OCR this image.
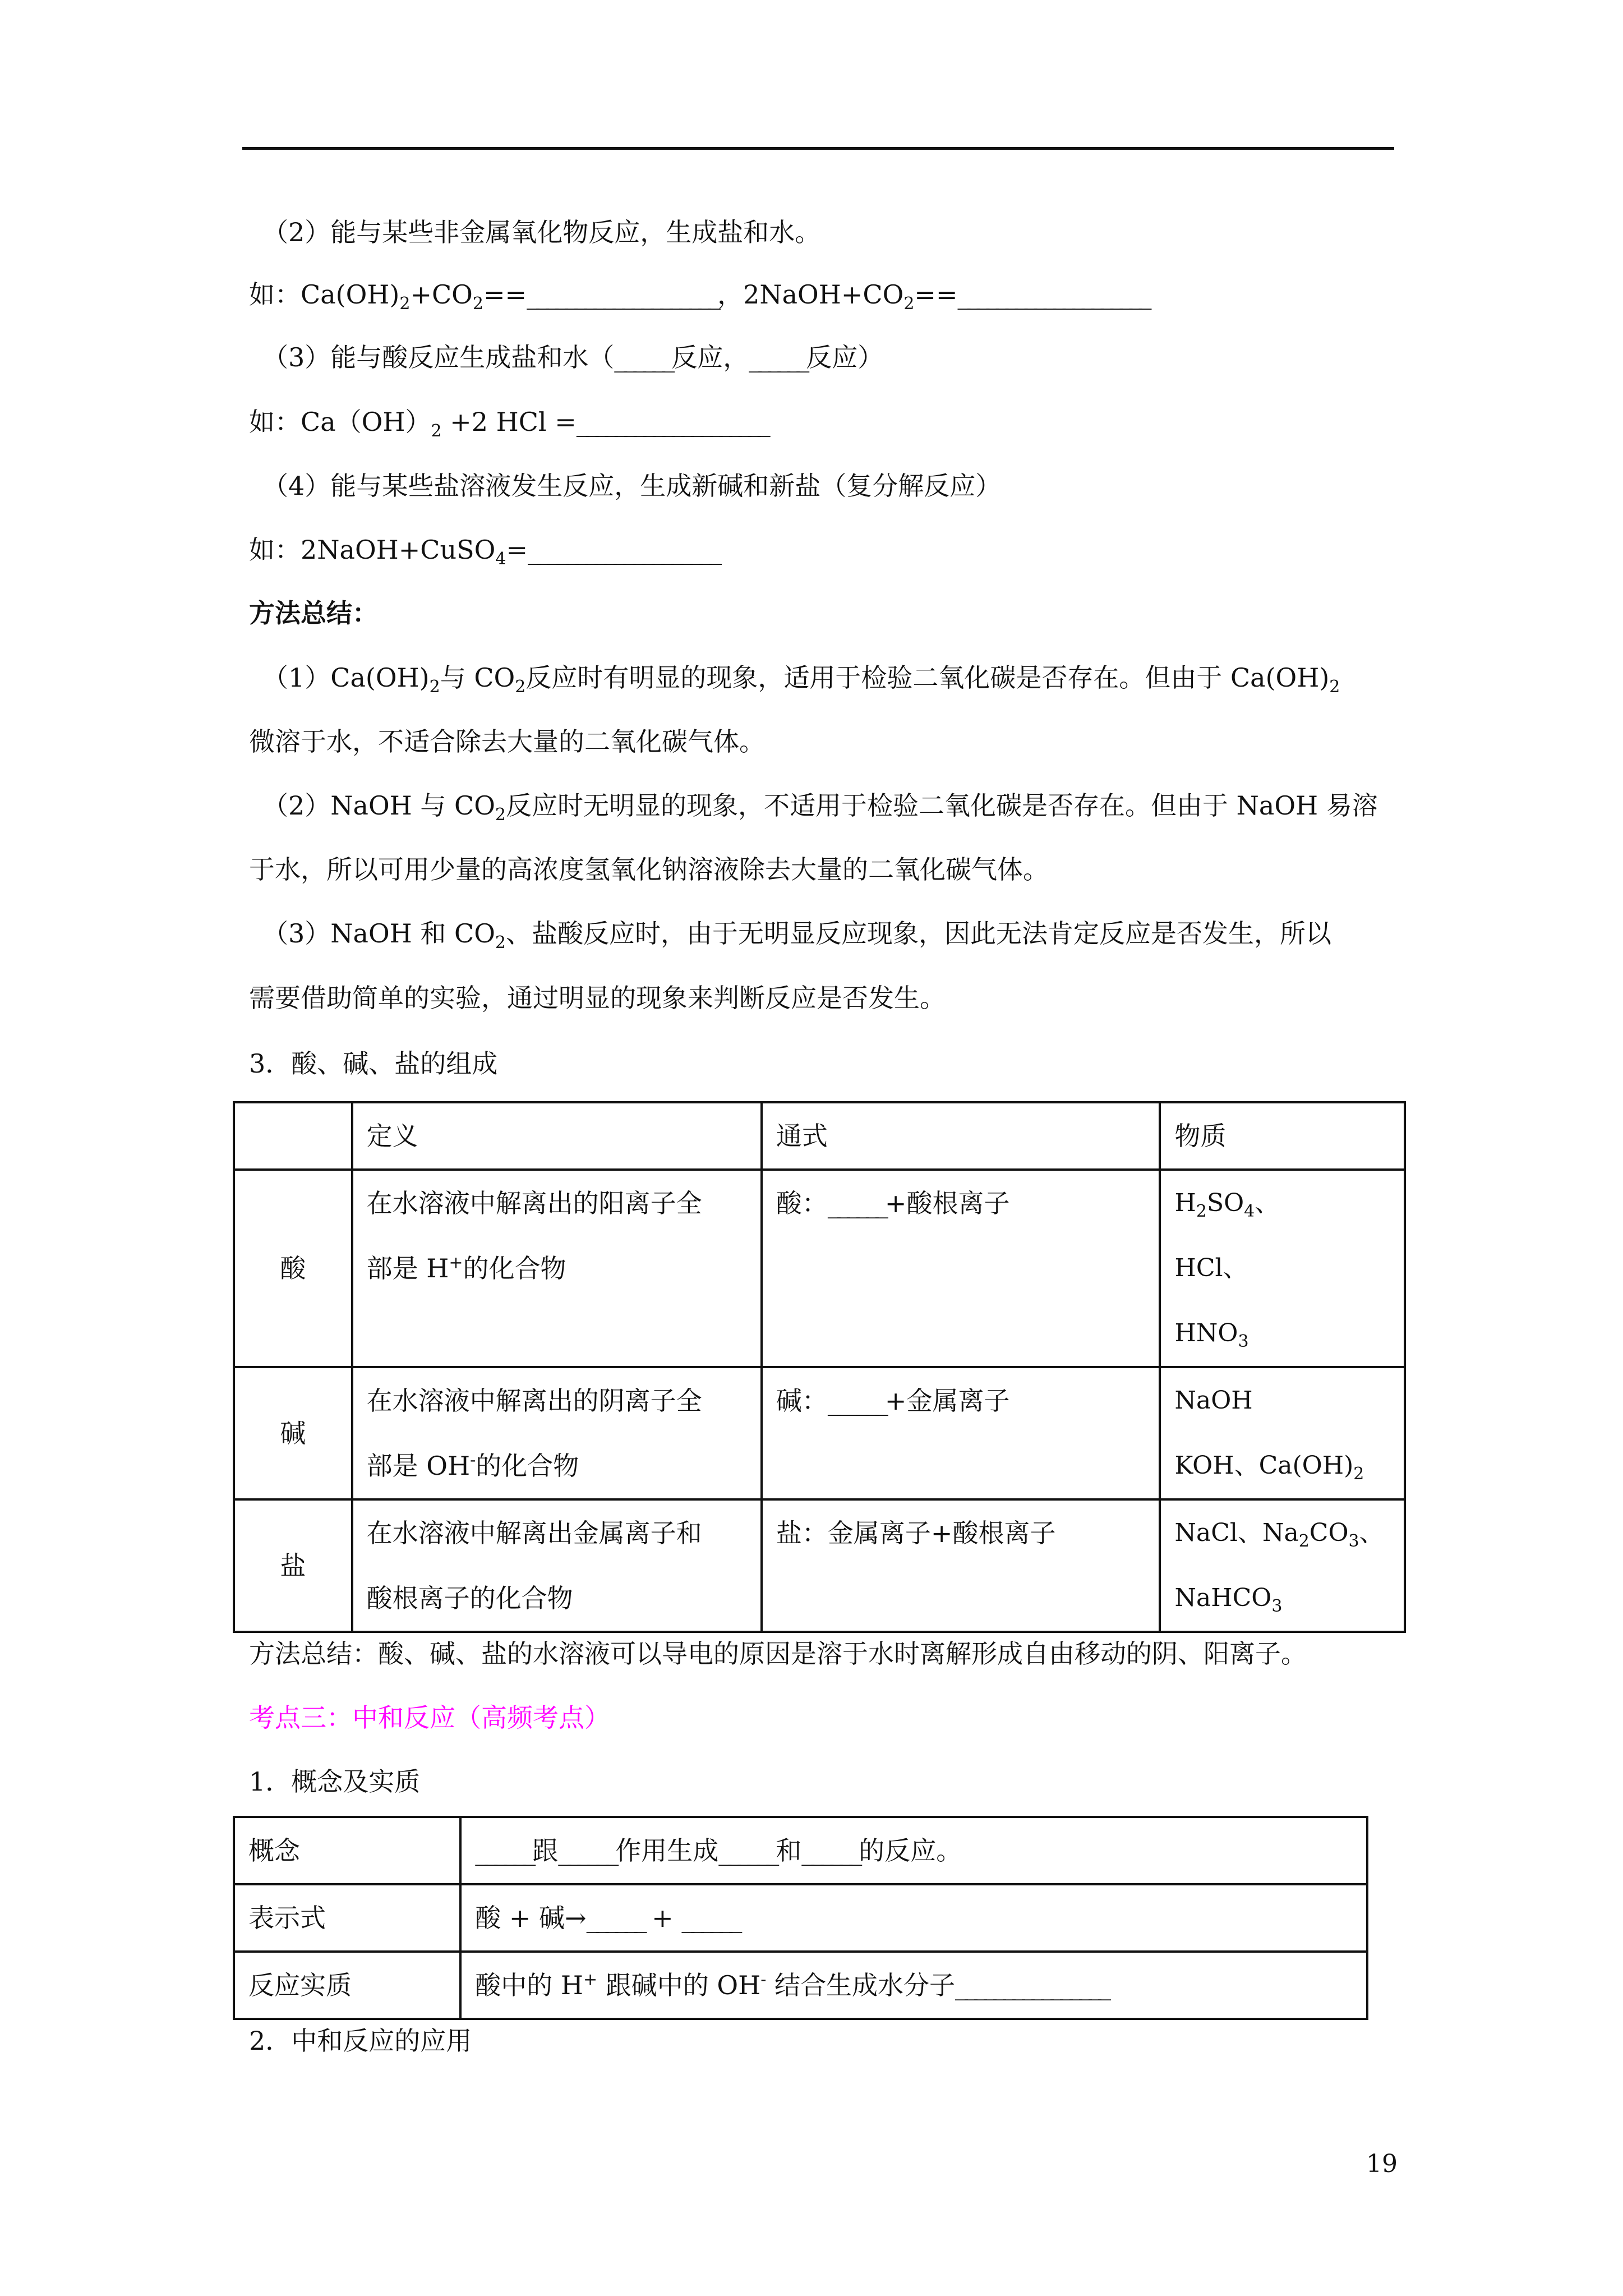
（2）能与某些非金属氧化物反应，生成盐和水。
如：$Ca(OH)_2+CO_2==\_\_\_\_\_\_\_\_\_\_\_\_\_\_\_\_\_\_\_\_$，$2NaOH+CO_2==\_\_\_\_\_\_\_\_\_\_\_\_\_\_\_\_\_\_\_\_$
（3）能与酸反应生成盐和水（______反应，______反应）
如：$Ca(OH)_2 +2$ HCl =____________________
（4）能与某些盐溶液发生反应，生成新碱和新盐（复分解反应）
如：2NaOH+CuSO$_4$=____________________
方法总结：
$(1)Ca(OH)_2$与 $CO_2$反应时有明显的现象，适用于检验二氧化碳是否存在。但由于 $Ca(OH)_2$
微溶于水，不适合除去大量的二氧化碳气体。
（2）NaOH 与 $CO_2$反应时无明显的现象，不适用于检验二氧化碳是否存在。但由于 NaOH 易溶
于水，所以可用少量的高浓度氢氧化钠溶液除去大量的二氧化碳气体。
（3）NaOH 和 $CO_2$、盐酸反应时，由于无明显反应现象，因此无法肯定反应是否发生，所以
需要借助简单的实验，通过明显的现象来判断反应是否发生。
3．酸、碱、盐的组成
	定义	通式	物质
酸	在水溶液中解离出的阳离子全
部是 H+的化合物	酸：______+酸根离子	$H_2SO_4$、
HCl、
$HNO_3$
碱	在水溶液中解离出的阴离子全
部是 OH-的化合物	碱：______+金属离子	NaOH
KOH、$Ca(OH)_2$
盐	在水溶液中解离出金属离子和
酸根离子的化合物	盐：金属离子+酸根离子	NaCl、$Na_2CO_3$、
NaHCO$_3$
方法总结：酸、碱、盐的水溶液可以导电的原因是溶于水时离解形成自由移动的阴、阳离子。
考点三：中和反应（高频考点）
1．概念及实质
概念	______跟______作用生成______和______的反应。
表示式	酸 + 碱→______ + ______
反应实质	酸中的 H+ 跟碱中的 OH- 结合生成水分子________________
2．中和反应的应用
19
